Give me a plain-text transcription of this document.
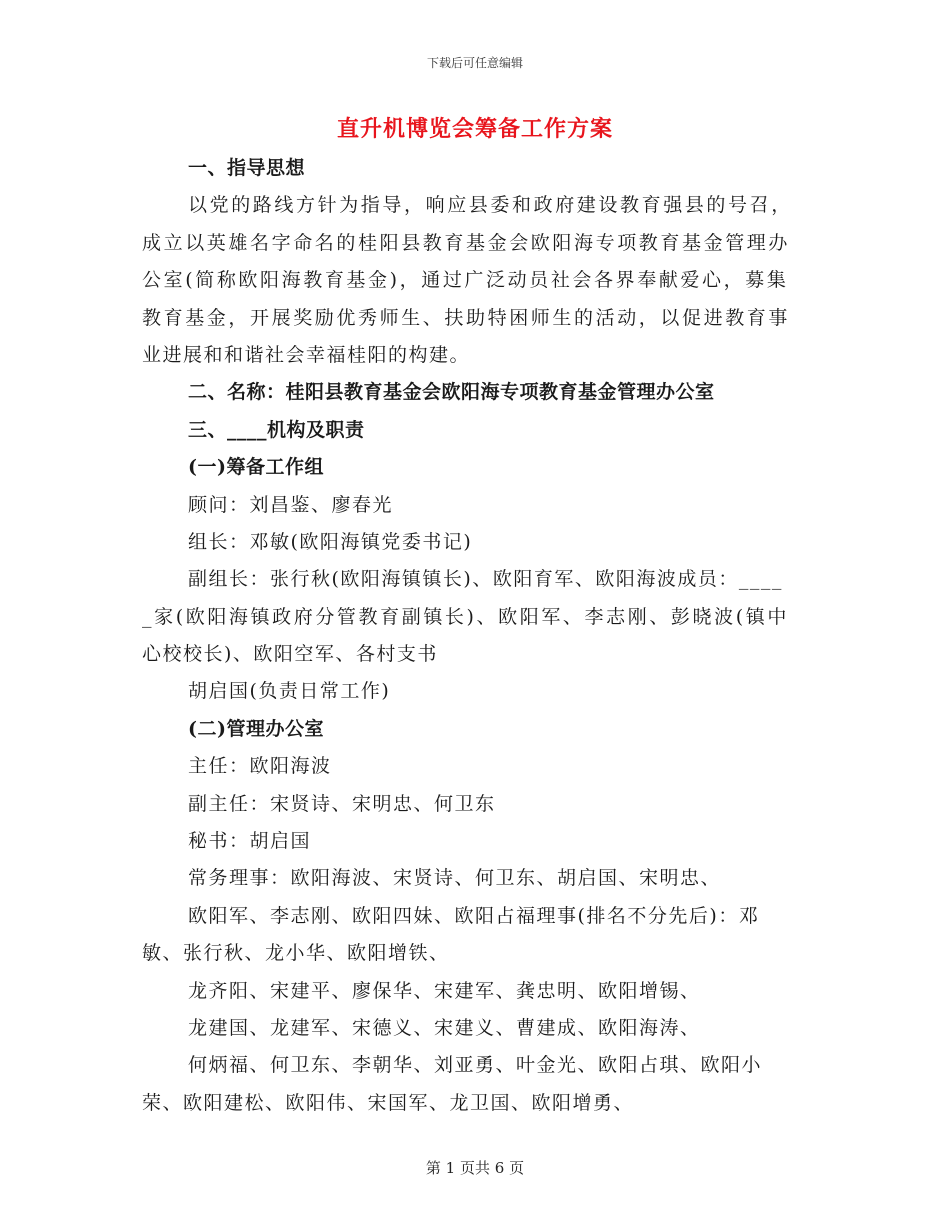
下载后可任意编辑
直升机博览会筹备工作方案
一、指导思想
以党的路线方针为指导，响应县委和政府建设教育强县的号召，
成立以英雄名字命名的桂阳县教育基金会欧阳海专项教育基金管理办
公室(简称欧阳海教育基金)，通过广泛动员社会各界奉献爱心，募集
教育基金，开展奖励优秀师生、扶助特困师生的活动，以促进教育事
业进展和和谐社会幸福桂阳的构建。
二、名称：桂阳县教育基金会欧阳海专项教育基金管理办公室
三、____机构及职责
(一)筹备工作组
顾问：刘昌鉴、廖春光
组长：邓敏(欧阳海镇党委书记)
副组长：张行秋(欧阳海镇镇长)、欧阳育军、欧阳海波成员：____
_家(欧阳海镇政府分管教育副镇长)、欧阳军、李志刚、彭晓波(镇中
心校校长)、欧阳空军、各村支书
胡启国(负责日常工作)
(二)管理办公室
主任：欧阳海波
副主任：宋贤诗、宋明忠、何卫东
秘书：胡启国
常务理事：欧阳海波、宋贤诗、何卫东、胡启国、宋明忠、
欧阳军、李志刚、欧阳四妹、欧阳占福理事(排名不分先后)：邓
敏、张行秋、龙小华、欧阳增铁、
龙齐阳、宋建平、廖保华、宋建军、龚忠明、欧阳增锡、
龙建国、龙建军、宋德义、宋建义、曹建成、欧阳海涛、
何炳福、何卫东、李朝华、刘亚勇、叶金光、欧阳占琪、欧阳小
荣、欧阳建松、欧阳伟、宋国军、龙卫国、欧阳增勇、
第 1 页共 6 页
